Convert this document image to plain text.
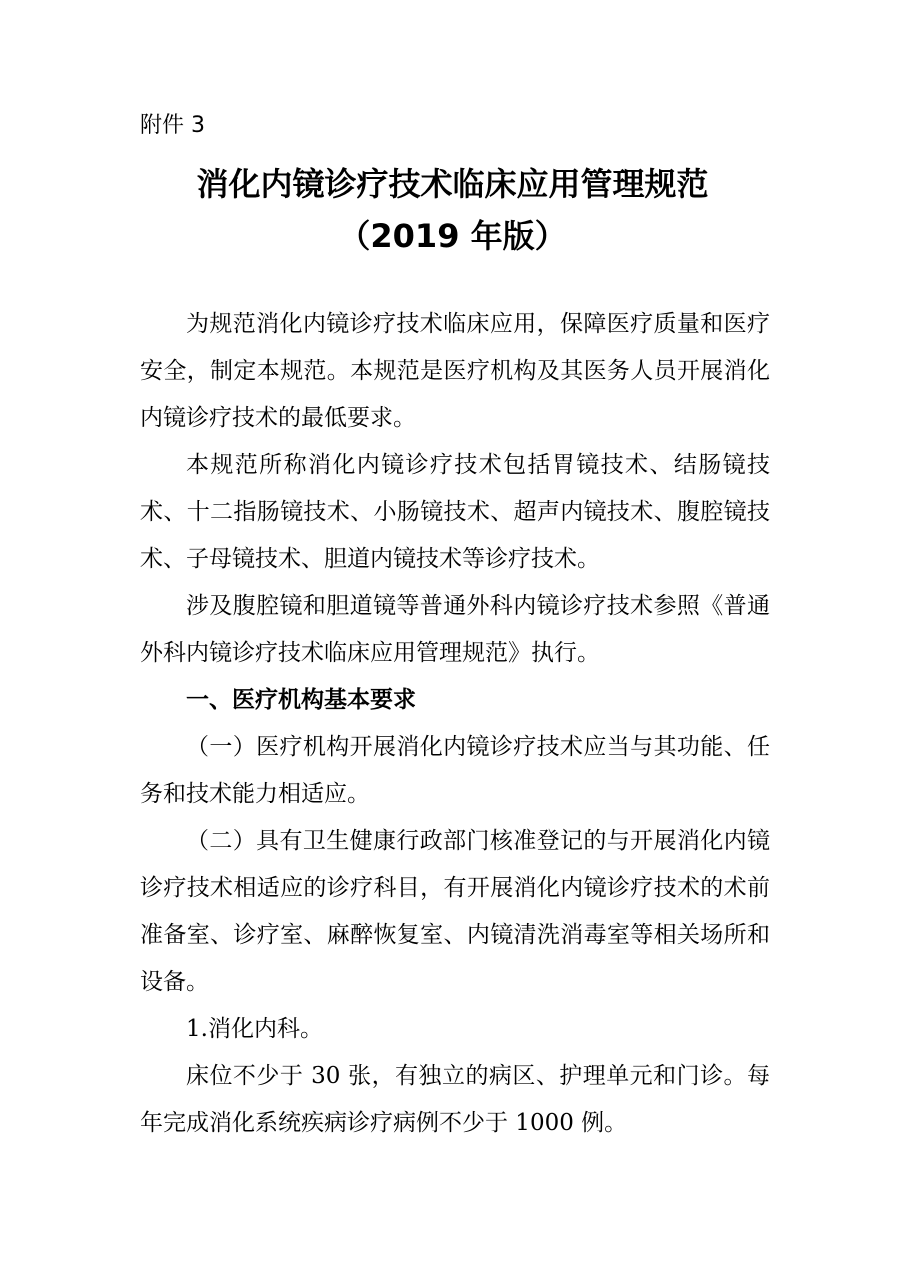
附件 3

消化内镜诊疗技术临床应用管理规范
（2019 年版）

为规范消化内镜诊疗技术临床应用，保障医疗质量和医疗安全，制定本规范。本规范是医疗机构及其医务人员开展消化内镜诊疗技术的最低要求。

本规范所称消化内镜诊疗技术包括胃镜技术、结肠镜技术、十二指肠镜技术、小肠镜技术、超声内镜技术、腹腔镜技术、子母镜技术、胆道内镜技术等诊疗技术。

涉及腹腔镜和胆道镜等普通外科内镜诊疗技术参照《普通外科内镜诊疗技术临床应用管理规范》执行。

一、医疗机构基本要求

（一）医疗机构开展消化内镜诊疗技术应当与其功能、任务和技术能力相适应。

（二）具有卫生健康行政部门核准登记的与开展消化内镜诊疗技术相适应的诊疗科目，有开展消化内镜诊疗技术的术前准备室、诊疗室、麻醉恢复室、内镜清洗消毒室等相关场所和设备。

1.消化内科。

床位不少于 30 张，有独立的病区、护理单元和门诊。每年完成消化系统疾病诊疗病例不少于 1000 例。
